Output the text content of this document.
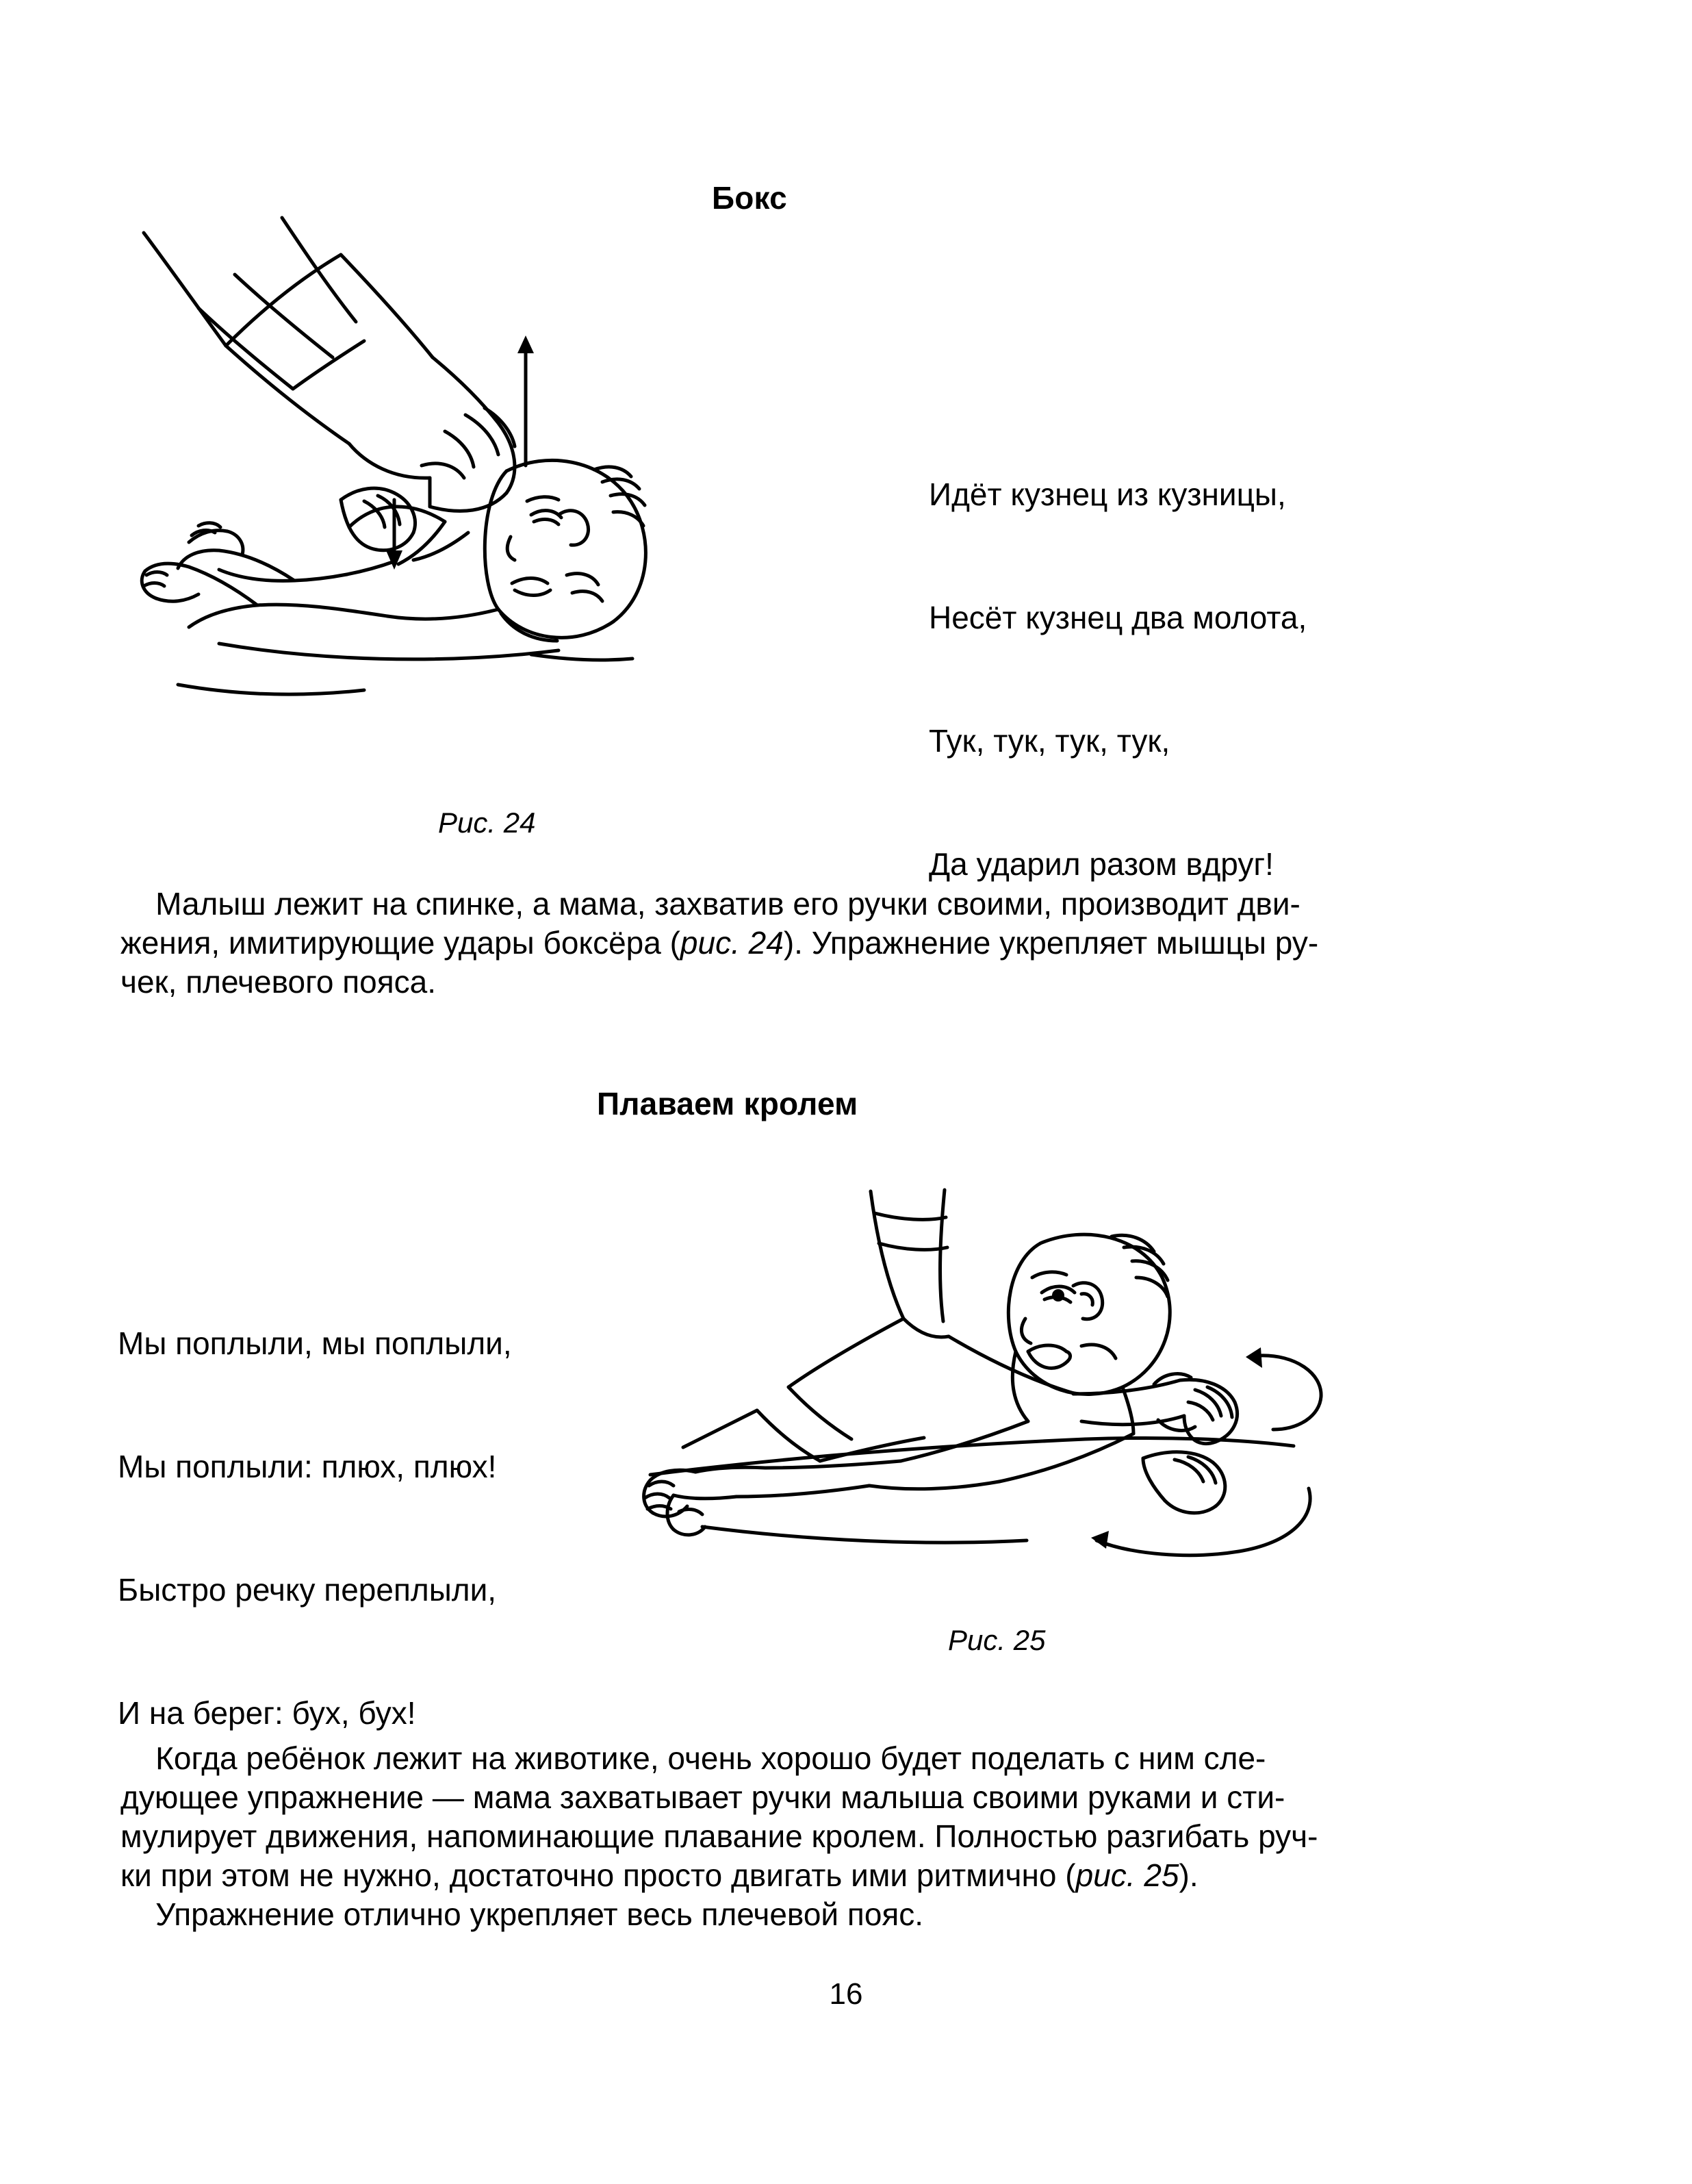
Бокс
Рис. 24

Идёт кузнец из кузницы,

Несёт кузнец два молота,

Тук, тук, тук, тук,

Да ударил разом вдруг!

Малыш лежит на спинке, а мама, захватив его ручки своими, производит дви-
жения, имитирующие удары боксёра (рис. 24). Упражнение укрепляет мышцы ру-
чек, плечевого пояса.
Плаваем кролем

Мы поплыли, мы поплыли,

Мы поплыли: плюх, плюх!

Быстро речку переплыли,

И на берег: бух, бух!

Рис. 25
Когда ребёнок лежит на животике, очень хорошо будет поделать с ним сле-
дующее упражнение — мама захватывает ручки малыша своими руками и сти-
мулирует движения, напоминающие плавание кролем. Полностью разгибать руч-
ки при этом не нужно, достаточно просто двигать ими ритмично (рис. 25).
Упражнение отлично укрепляет весь плечевой пояс.
16
